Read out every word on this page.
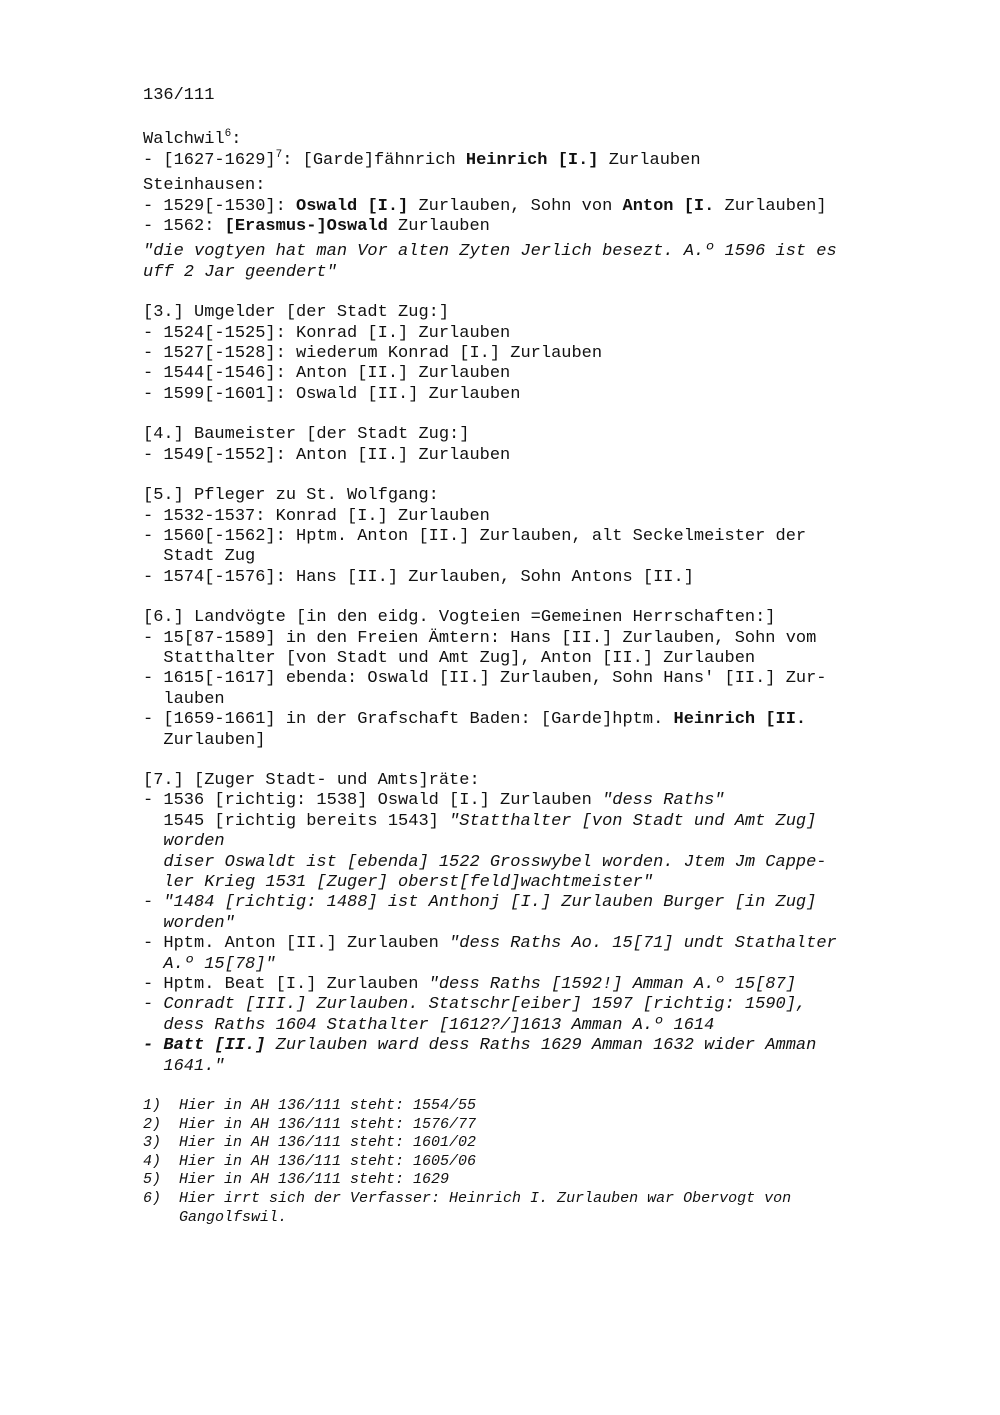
136/111

Walchwil$^6$:

- [1627-1629]$^7$: [Garde]fähnrich Heinrich [I.] Zurlauben

Steinhausen:

- 1529[-1530]: Oswald [I.] Zurlauben, Sohn von Anton [I. Zurlauben]

- 1562: [Erasmus-]Oswald Zurlauben

"die vogtyen hat man Vor alten Zyten Jerlich besezt. A.º 1596 ist es

uff 2 Jar geendert"

[3.] Umgelder [der Stadt Zug:]

- 1524[-1525]: Konrad [I.] Zurlauben

- 1527[-1528]: wiederum Konrad [I.] Zurlauben

- 1544[-1546]: Anton [II.] Zurlauben

- 1599[-1601]: Oswald [II.] Zurlauben

[4.] Baumeister [der Stadt Zug:]

- 1549[-1552]: Anton [II.] Zurlauben

[5.] Pfleger zu St. Wolfgang:

- 1532-1537: Konrad [I.] Zurlauben

- 1560[-1562]: Hptm. Anton [II.] Zurlauben, alt Seckelmeister der

Stadt Zug

- 1574[-1576]: Hans [II.] Zurlauben, Sohn Antons [II.]

[6.] Landvögte [in den eidg. Vogteien =Gemeinen Herrschaften:]

- 15[87-1589] in den Freien Ämtern: Hans [II.] Zurlauben, Sohn vom

Statthalter [von Stadt und Amt Zug], Anton [II.] Zurlauben

- 1615[-1617] ebenda: Oswald [II.] Zurlauben, Sohn Hans' [II.] Zur-

lauben

- [1659-1661] in der Grafschaft Baden: [Garde]hptm. Heinrich [II.

Zurlauben]

[7.] [Zuger Stadt- und Amts]räte:

- 1536 [richtig: 1538] Oswald [I.] Zurlauben "dess Raths"

1545 [richtig bereits 1543] "Statthalter [von Stadt und Amt Zug]

worden

diser Oswaldt ist [ebenda] 1522 Grosswybel worden. Jtem Jm Cappe-

ler Krieg 1531 [Zuger] oberst[feld]wachtmeister"

- "1484 [richtig: 1488] ist Anthonj [I.] Zurlauben Burger [in Zug]

worden"

- Hptm. Anton [II.] Zurlauben "dess Raths Ao. 15[71] undt Stathalter

A.º 15[78]"

- Hptm. Beat [I.] Zurlauben "dess Raths [1592!] Amman A.º 15[87]

- Conradt [III.] Zurlauben. Statschr[eiber] 1597 [richtig: 1590],

dess Raths 1604 Stathalter [1612?/]1613 Amman A.º 1614

- Batt [II.] Zurlauben ward dess Raths 1629 Amman 1632 wider Amman

1641."

1)	Hier in AH 136/111 steht: 1554/55
2)	Hier in AH 136/111 steht: 1576/77
3)	Hier in AH 136/111 steht: 1601/02
4)	Hier in AH 136/111 steht: 1605/06
5)	Hier in AH 136/111 steht: 1629
6)	Hier irrt sich der Verfasser: Heinrich I. Zurlauben war Obervogt von Gangolfswil.
